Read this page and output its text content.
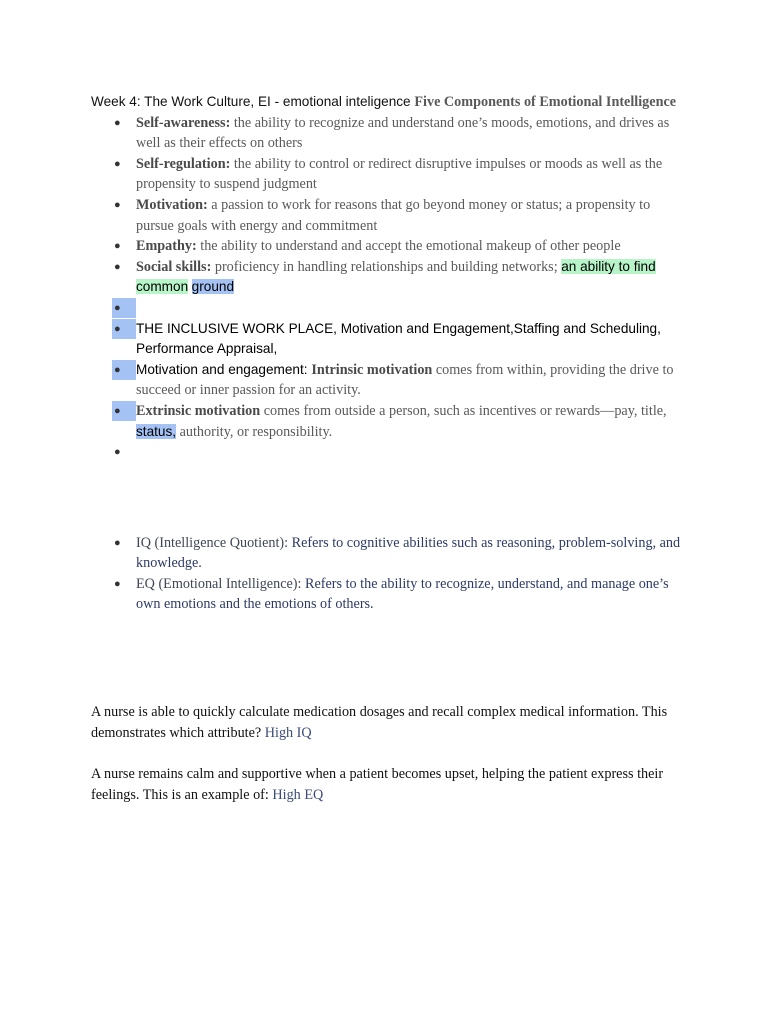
Week 4: The Work Culture, EI - emotional inteligence Five Components of Emotional Intelligence

●	Self-awareness: the ability to recognize and understand one’s moods, emotions, and drives as well as their effects on others
●	Self-regulation: the ability to control or redirect disruptive impulses or moods as well as the propensity to suspend judgment
●	Motivation: a passion to work for reasons that go beyond money or status; a propensity to pursue goals with energy and commitment
●	Empathy: the ability to understand and accept the emotional makeup of other people
●	Social skills: proficiency in handling relationships and building networks; an ability to find common ground
●

●	THE INCLUSIVE WORK PLACE, Motivation and Engagement,Staffing and Scheduling, Performance Appraisal,
●	Motivation and engagement: Intrinsic motivation comes from within, providing the drive to succeed or inner passion for an activity.
●	Extrinsic motivation comes from outside a person, such as incentives or rewards—pay, title, status, authority, or responsibility.
●

●	IQ (Intelligence Quotient): Refers to cognitive abilities such as reasoning, problem-solving, and knowledge.
●	EQ (Emotional Intelligence): Refers to the ability to recognize, understand, and manage one’s own emotions and the emotions of others.

A nurse is able to quickly calculate medication dosages and recall complex medical information. This demonstrates which attribute? High IQ

A nurse remains calm and supportive when a patient becomes upset, helping the patient express their feelings. This is an example of: High EQ
